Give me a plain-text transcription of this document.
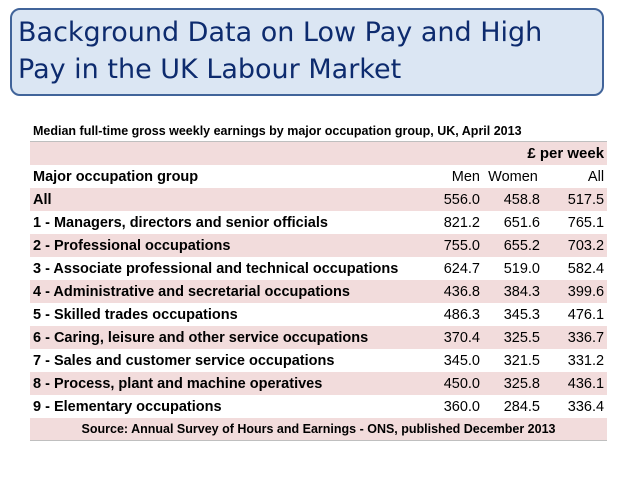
Background Data on Low Pay and High Pay in the UK Labour Market
Median full-time gross weekly earnings by major occupation group, UK, April 2013			
£ per week			
Major occupation group	Men	Women	All
All	556.0	458.8	517.5
1 - Managers, directors and senior officials	821.2	651.6	765.1
2 - Professional occupations	755.0	655.2	703.2
3 - Associate professional and technical occupations	624.7	519.0	582.4
4 - Administrative and secretarial occupations	436.8	384.3	399.6
5 - Skilled trades occupations	486.3	345.3	476.1
6 - Caring, leisure and other service occupations	370.4	325.5	336.7
7 - Sales and customer service occupations	345.0	321.5	331.2
8 - Process, plant and machine operatives	450.0	325.8	436.1
9 - Elementary occupations	360.0	284.5	336.4
Source: Annual Survey of Hours and Earnings - ONS, published December 2013			
